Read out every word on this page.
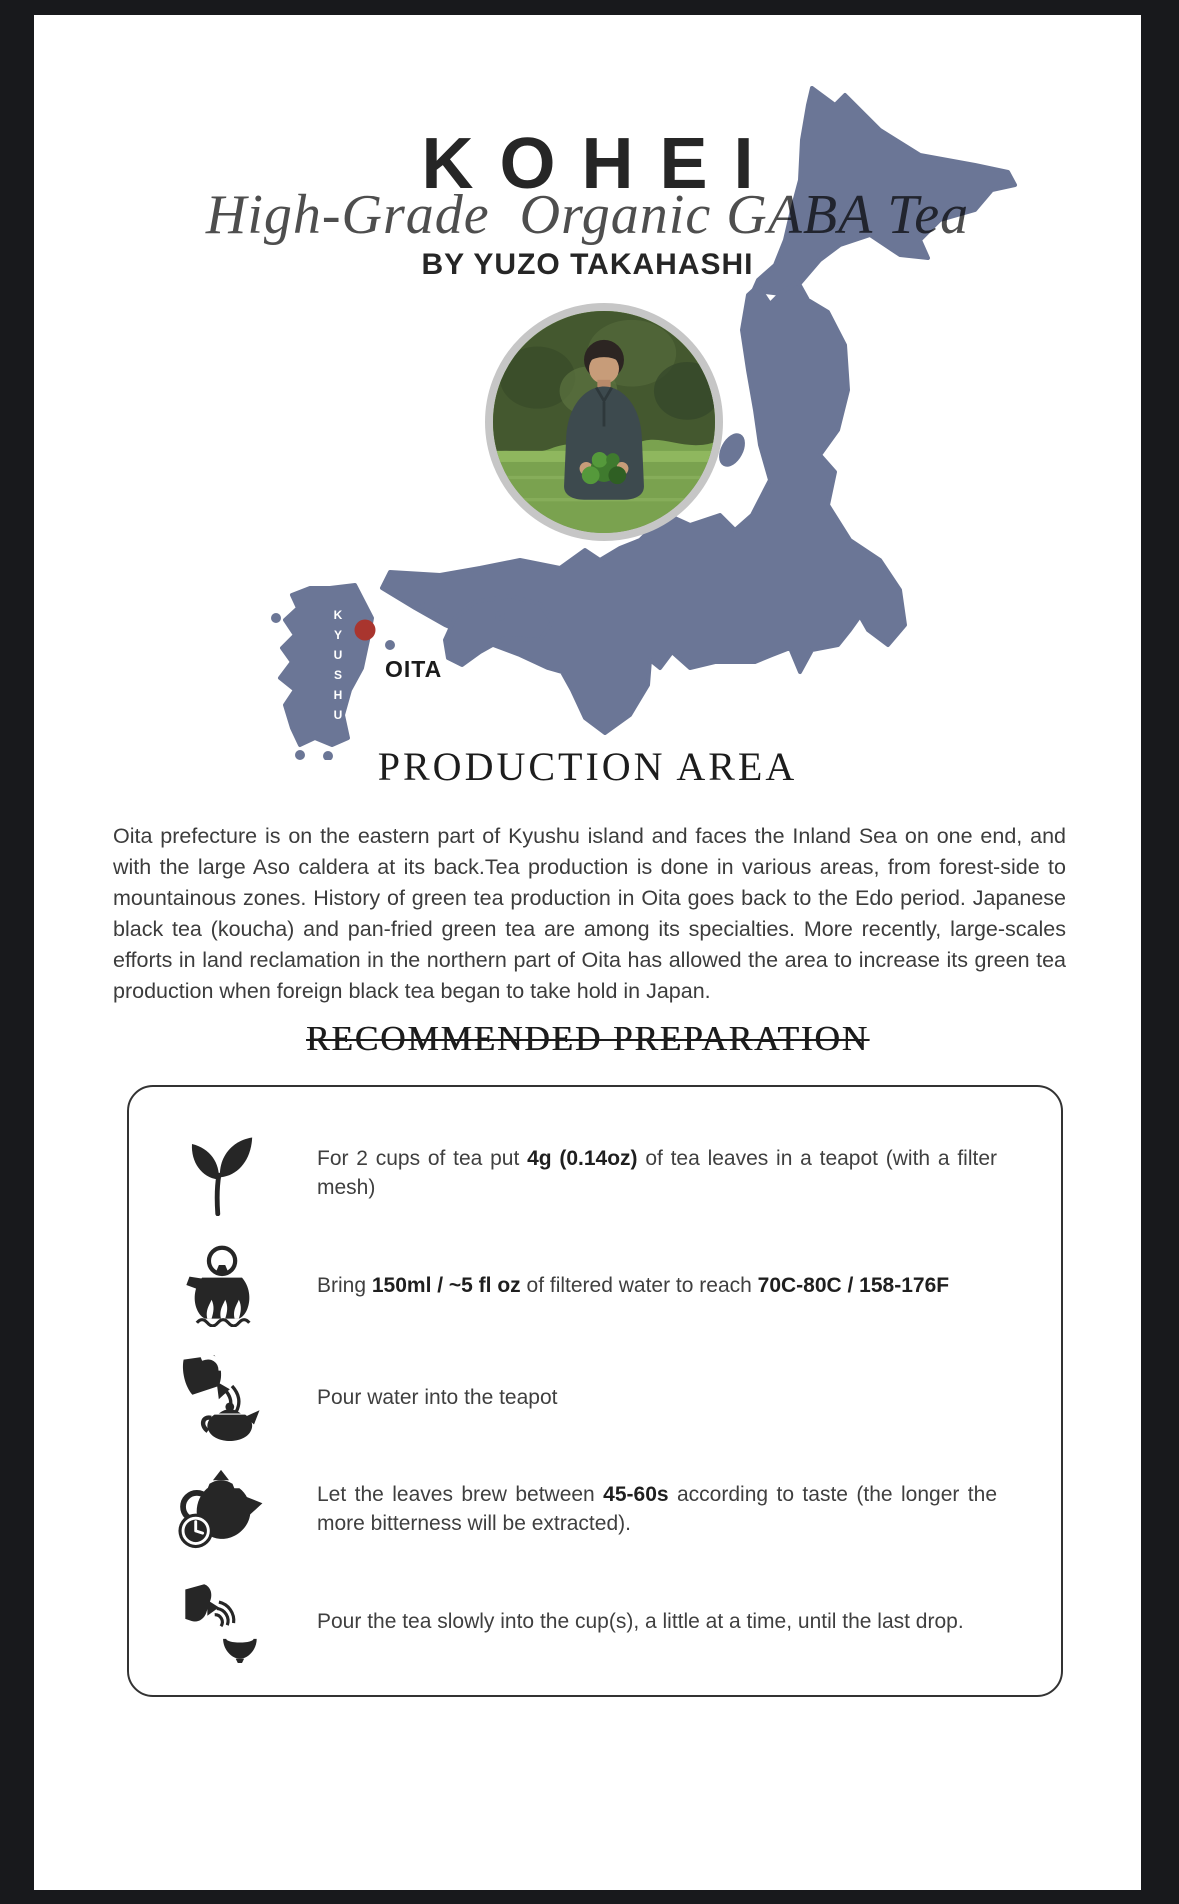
KOHEI
KYUSHU OITA
High-Grade  Organic GABA Tea
BY YUZO TAKAHASHI
PRODUCTION AREA

Oita prefecture is on the eastern part of Kyushu island and faces the Inland Sea on one end, and with the large Aso caldera at its back.Tea production is done in various areas, from forest-side to mountainous zones. History of green tea production in Oita goes back to the Edo period. Japanese black tea (koucha) and pan-fried green tea are among its specialties. More recently, large-scales efforts in land reclamation in the northern part of Oita has allowed the area to increase its green tea production when foreign black tea began to take hold in Japan.

RECOMMENDED PREPARATION

For 2 cups of tea put 4g (0.14oz) of tea leaves in a teapot (with a filter mesh)

Bring 150ml / ~5 fl oz of filtered water to reach 70C-80C / 158-176F

Pour water into the teapot

Let the leaves brew between 45-60s according to taste (the longer the more bitterness will be extracted).

Pour the tea slowly into the cup(s), a little at a time, until the last drop.
